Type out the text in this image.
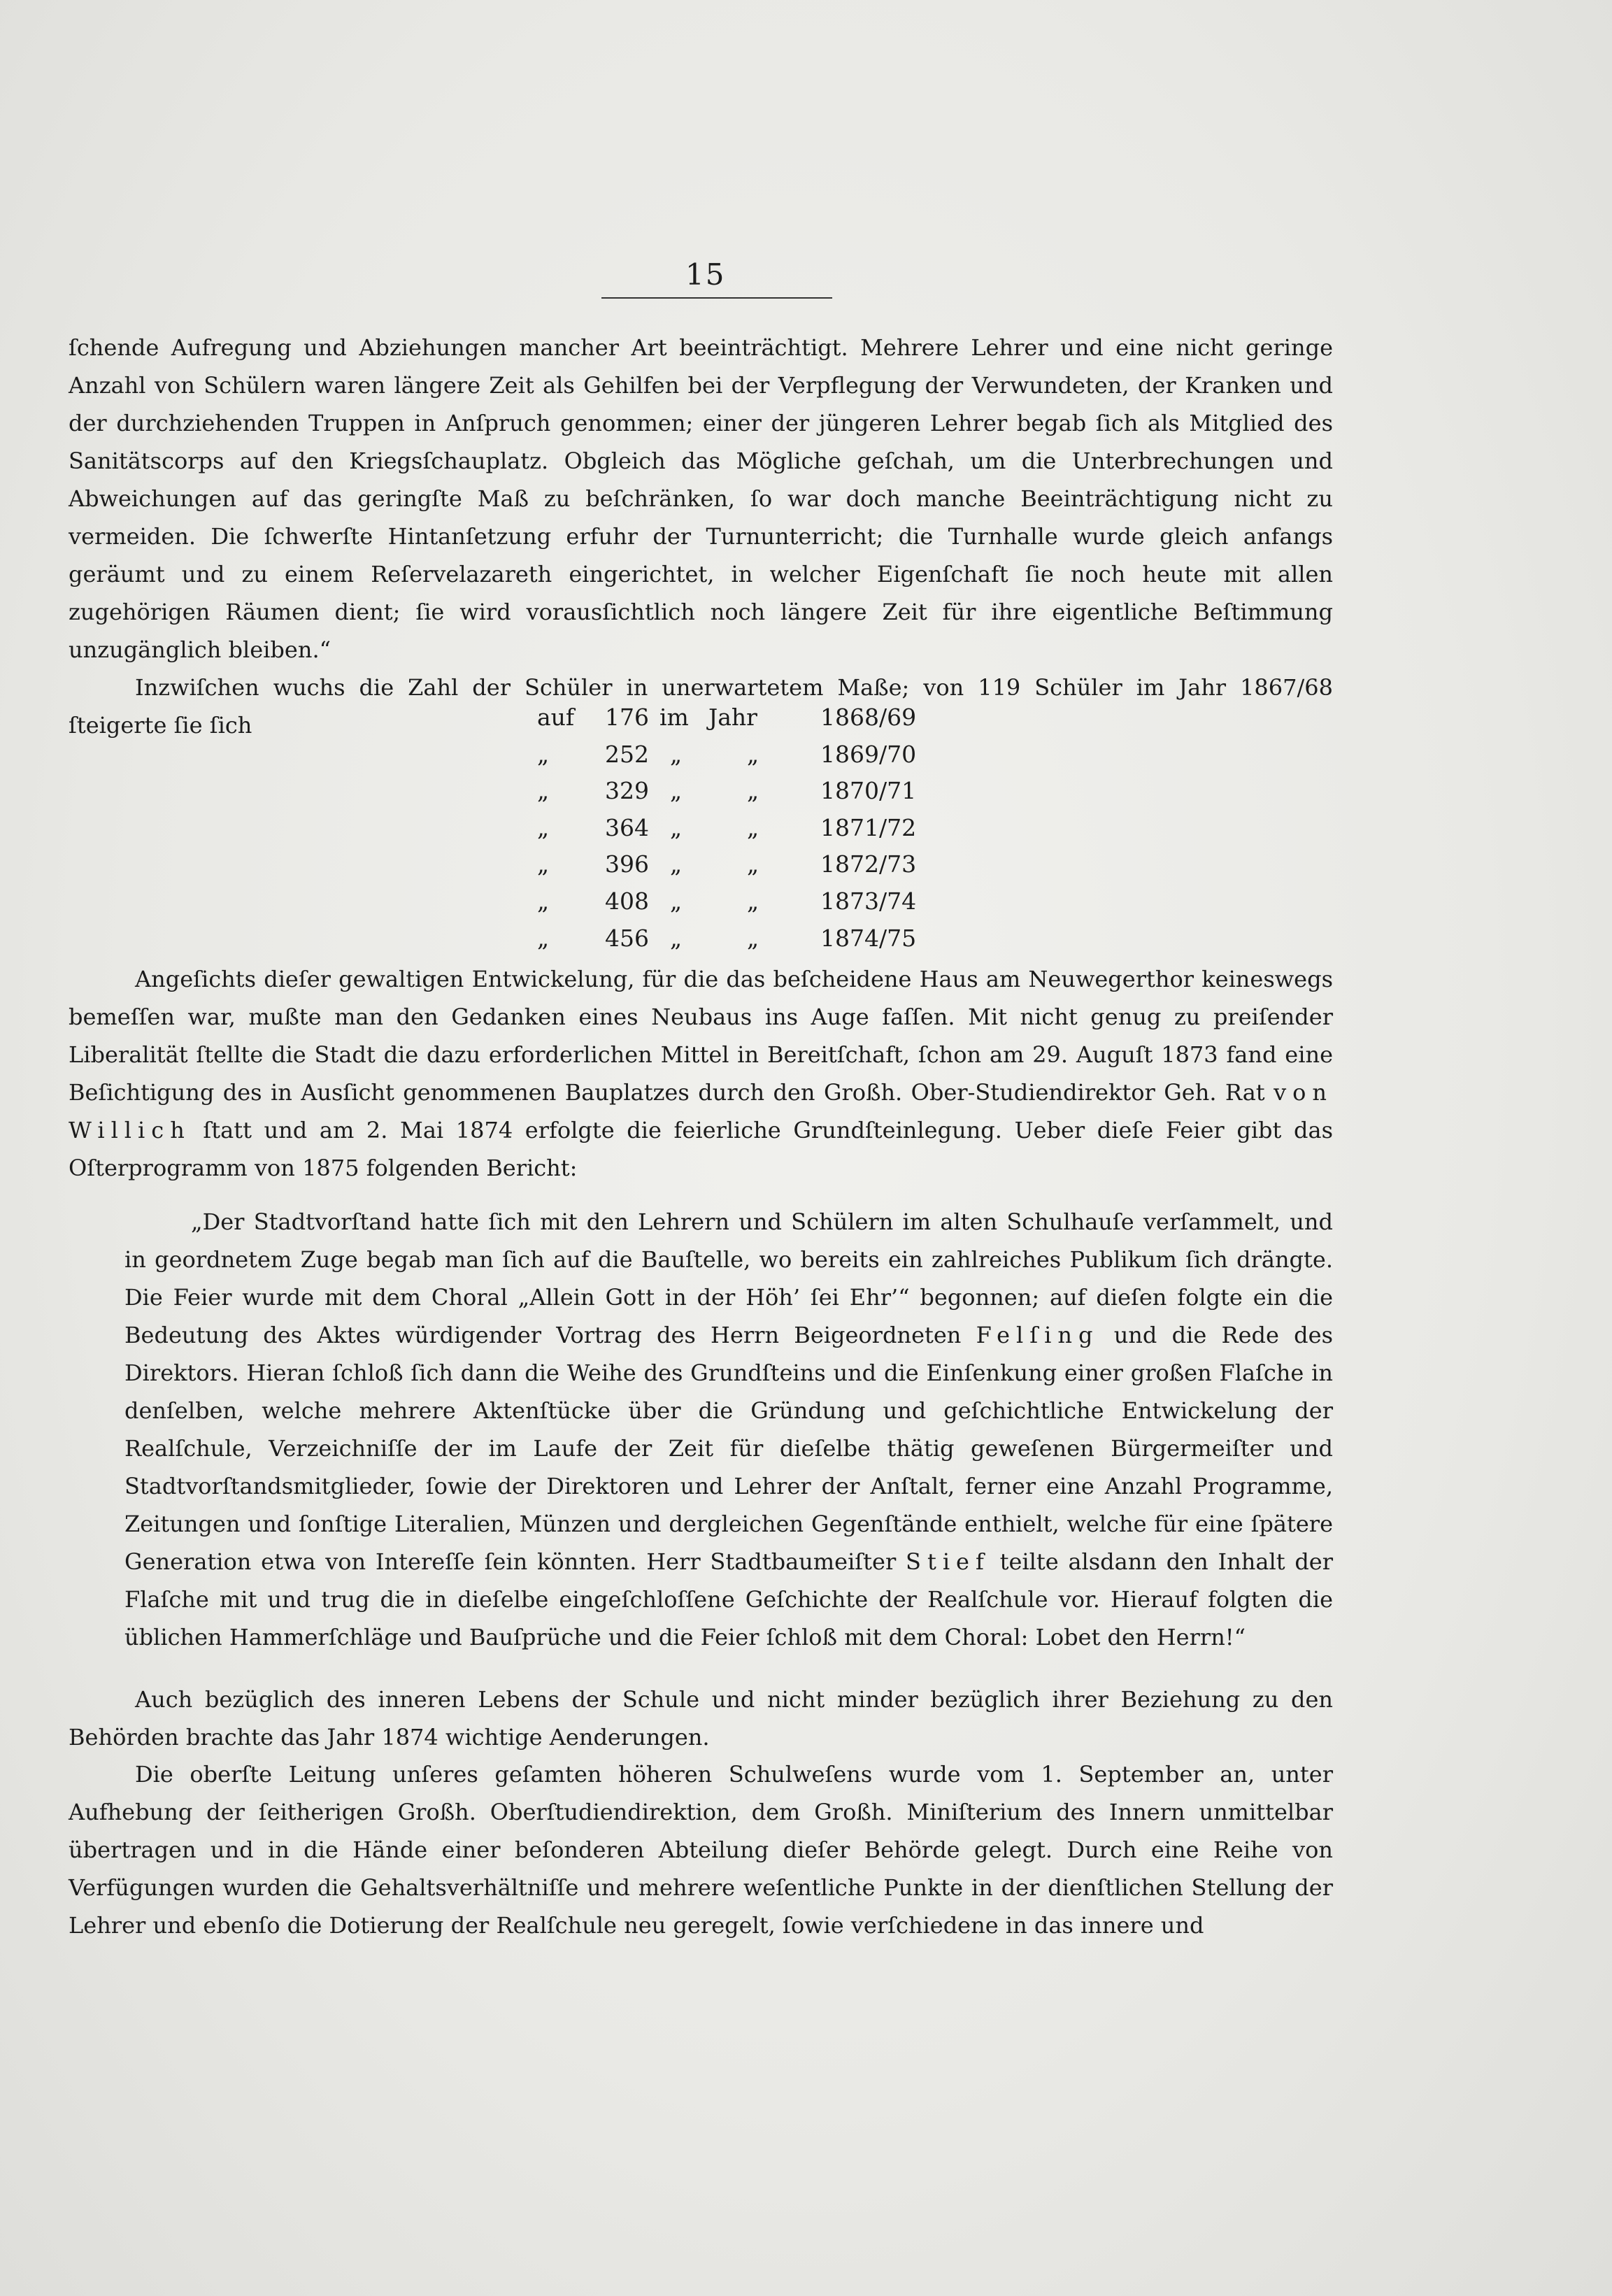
15

ſchende Aufregung und Abziehungen mancher Art beeinträchtigt. Mehrere Lehrer und eine nicht geringe Anzahl von Schülern waren längere Zeit als Gehilfen bei der Verpflegung der Verwundeten, der Kranken und der durchziehenden Truppen in Anſpruch genommen; einer der jüngeren Lehrer begab ſich als Mitglied des Sanitätscorps auf den Kriegsſchauplatz. Obgleich das Mögliche geſchah, um die Unterbrechungen und Abweichungen auf das geringſte Maß zu beſchränken, ſo war doch manche Beeinträchtigung nicht zu vermeiden. Die ſchwerſte Hintanſetzung erfuhr der Turnunterricht; die Turnhalle wurde gleich anfangs geräumt und zu einem Reſervelazareth eingerichtet, in welcher Eigenſchaft ſie noch heute mit allen zugehörigen Räumen dient; ſie wird vorausſichtlich noch längere Zeit für ihre eigentliche Beſtimmung unzugänglich bleiben.“

Inzwiſchen wuchs die Zahl der Schüler in unerwartetem Maße; von 119 Schüler im Jahr 1867/68 ſteigerte ſie ſich	auf	176 im Jahr	1868/69
„	252 „	„	1869/70
„	329 „	„	1870/71
„	364 „	„	1871/72
„	396 „	„	1872/73
„	408 „	„	1873/74
„	456 „	„	1874/75

Angeſichts dieſer gewaltigen Entwickelung, für die das beſcheidene Haus am Neuwegerthor keineswegs bemeſſen war, mußte man den Gedanken eines Neubaus ins Auge faſſen. Mit nicht genug zu preiſender Liberalität ſtellte die Stadt die dazu erforderlichen Mittel in Bereitſchaft, ſchon am 29. Auguſt 1873 fand eine Beſichtigung des in Ausſicht genommenen Bauplatzes durch den Großh. Ober-Studiendirektor Geh. Rat von Willich ſtatt und am 2. Mai 1874 erfolgte die feierliche Grundſteinlegung. Ueber dieſe Feier gibt das Oſterprogramm von 1875 folgenden Bericht:

„Der Stadtvorſtand hatte ſich mit den Lehrern und Schülern im alten Schulhauſe verſammelt, und in geordnetem Zuge begab man ſich auf die Bauſtelle, wo bereits ein zahlreiches Publikum ſich drängte. Die Feier wurde mit dem Choral „Allein Gott in der Höh’ ſei Ehr’“ begonnen; auf dieſen folgte ein die Bedeutung des Aktes würdigender Vortrag des Herrn Beigeordneten Felſing und die Rede des Direktors. Hieran ſchloß ſich dann die Weihe des Grundſteins und die Einſenkung einer großen Flaſche in denſelben, welche mehrere Aktenſtücke über die Gründung und geſchichtliche Entwickelung der Realſchule, Verzeichniſſe der im Laufe der Zeit für dieſelbe thätig geweſenen Bürgermeiſter und Stadtvorſtandsmitglieder, ſowie der Direktoren und Lehrer der Anſtalt, ferner eine Anzahl Programme, Zeitungen und ſonſtige Literalien, Münzen und dergleichen Gegenſtände enthielt, welche für eine ſpätere Generation etwa von Intereſſe ſein könnten. Herr Stadtbaumeiſter Stief teilte alsdann den Inhalt der Flaſche mit und trug die in dieſelbe eingeſchloſſene Geſchichte der Realſchule vor. Hierauf folgten die üblichen Hammerſchläge und Bauſprüche und die Feier ſchloß mit dem Choral: Lobet den Herrn!“

Auch bezüglich des inneren Lebens der Schule und nicht minder bezüglich ihrer Beziehung zu den Behörden brachte das Jahr 1874 wichtige Aenderungen.

Die oberſte Leitung unſeres geſamten höheren Schulweſens wurde vom 1. September an, unter Aufhebung der ſeitherigen Großh. Oberſtudiendirektion, dem Großh. Miniſterium des Innern unmittelbar übertragen und in die Hände einer beſonderen Abteilung dieſer Behörde gelegt. Durch eine Reihe von Verfügungen wurden die Gehaltsverhältniſſe und mehrere weſentliche Punkte in der dienſtlichen Stellung der Lehrer und ebenſo die Dotierung der Realſchule neu geregelt, ſowie verſchiedene in das innere und
